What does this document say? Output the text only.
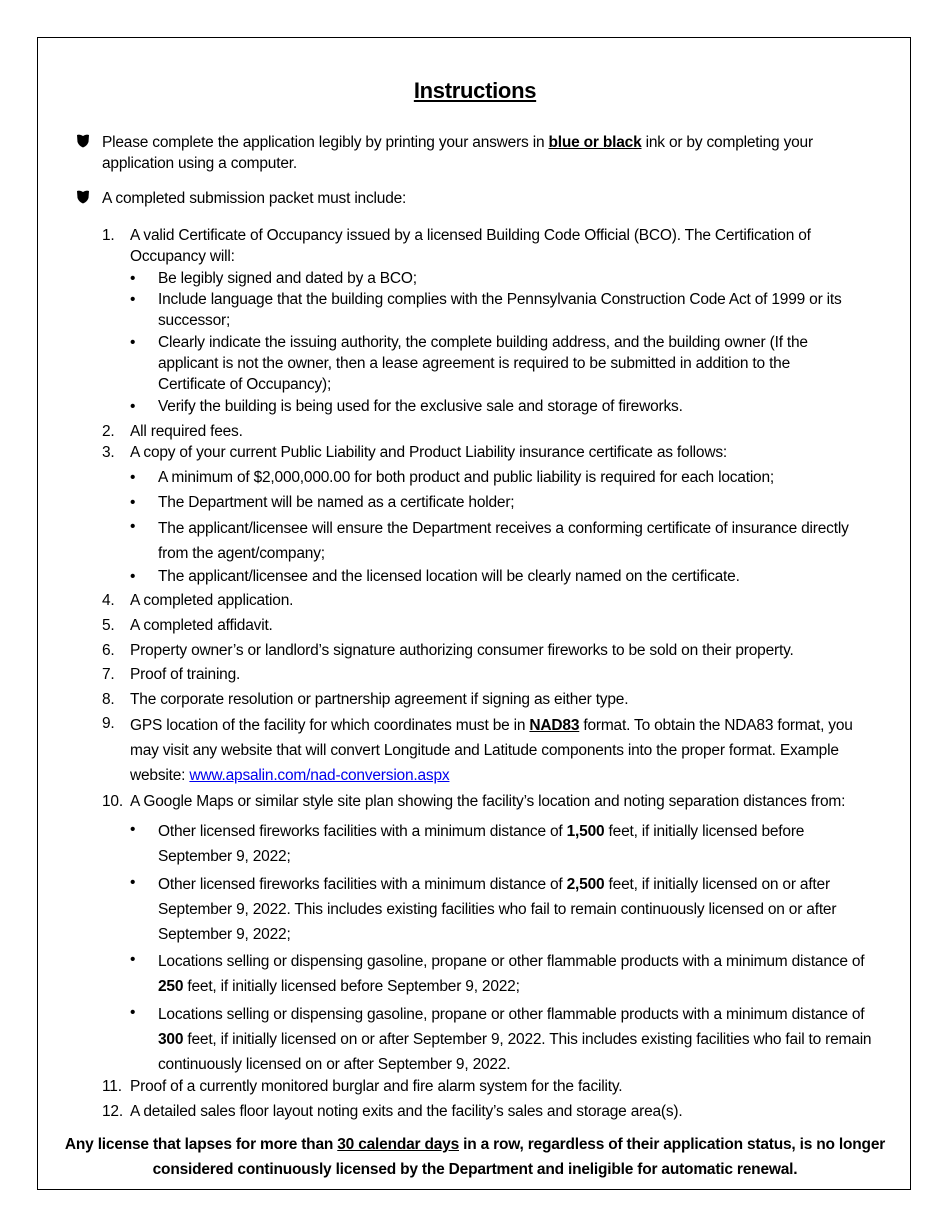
Instructions
Please complete the application legibly by printing your answers in blue or black ink or by completing your application using a computer.
A completed submission packet must include:
1. A valid Certificate of Occupancy issued by a licensed Building Code Official (BCO). The Certification of Occupancy will:
• Be legibly signed and dated by a BCO;
• Include language that the building complies with the Pennsylvania Construction Code Act of 1999 or its successor;
• Clearly indicate the issuing authority, the complete building address, and the building owner (If the applicant is not the owner, then a lease agreement is required to be submitted in addition to the Certificate of Occupancy);
• Verify the building is being used for the exclusive sale and storage of fireworks.
2. All required fees.
3. A copy of your current Public Liability and Product Liability insurance certificate as follows:
• A minimum of $2,000,000.00 for both product and public liability is required for each location;
• The Department will be named as a certificate holder;
• The applicant/licensee will ensure the Department receives a conforming certificate of insurance directly from the agent/company;
• The applicant/licensee and the licensed location will be clearly named on the certificate.
4. A completed application.
5. A completed affidavit.
6. Property owner’s or landlord’s signature authorizing consumer fireworks to be sold on their property.
7. Proof of training.
8. The corporate resolution or partnership agreement if signing as either type.
9. GPS location of the facility for which coordinates must be in NAD83 format. To obtain the NDA83 format, you may visit any website that will convert Longitude and Latitude components into the proper format. Example website: www.apsalin.com/nad-conversion.aspx
10. A Google Maps or similar style site plan showing the facility’s location and noting separation distances from:
• Other licensed fireworks facilities with a minimum distance of 1,500 feet, if initially licensed before September 9, 2022;
• Other licensed fireworks facilities with a minimum distance of 2,500 feet, if initially licensed on or after September 9, 2022. This includes existing facilities who fail to remain continuously licensed on or after September 9, 2022;
• Locations selling or dispensing gasoline, propane or other flammable products with a minimum distance of 250 feet, if initially licensed before September 9, 2022;
• Locations selling or dispensing gasoline, propane or other flammable products with a minimum distance of 300 feet, if initially licensed on or after September 9, 2022. This includes existing facilities who fail to remain continuously licensed on or after September 9, 2022.
11. Proof of a currently monitored burglar and fire alarm system for the facility.
12. A detailed sales floor layout noting exits and the facility’s sales and storage area(s).
Any license that lapses for more than 30 calendar days in a row, regardless of their application status, is no longer considered continuously licensed by the Department and ineligible for automatic renewal.
